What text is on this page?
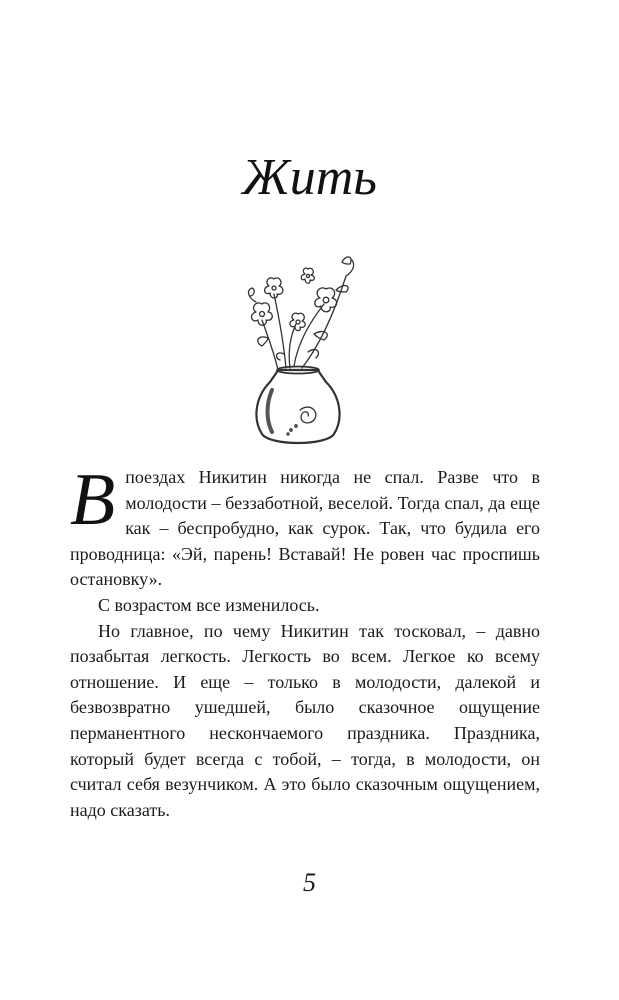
Жить

Впоездах Никитин никогда не спал. Разве что в молодости – беззаботной, веселой. Тогда спал, да еще как – беспробудно, как сурок. Так, что будила его проводница: «Эй, парень! Вставай! Не ровен час проспишь остановку».

С возрастом все изменилось.

Но главное, по чему Никитин так тосковал, – давно позабытая легкость. Легкость во всем. Легкое ко всему отношение. И еще – только в молодости, далекой и безвозвратно ушедшей, было сказочное ощущение перманентного нескончаемого праздника. Праздника, который будет всегда с тобой, – тогда, в молодости, он считал себя везунчиком. А это было сказочным ощущением, надо сказать.

5
